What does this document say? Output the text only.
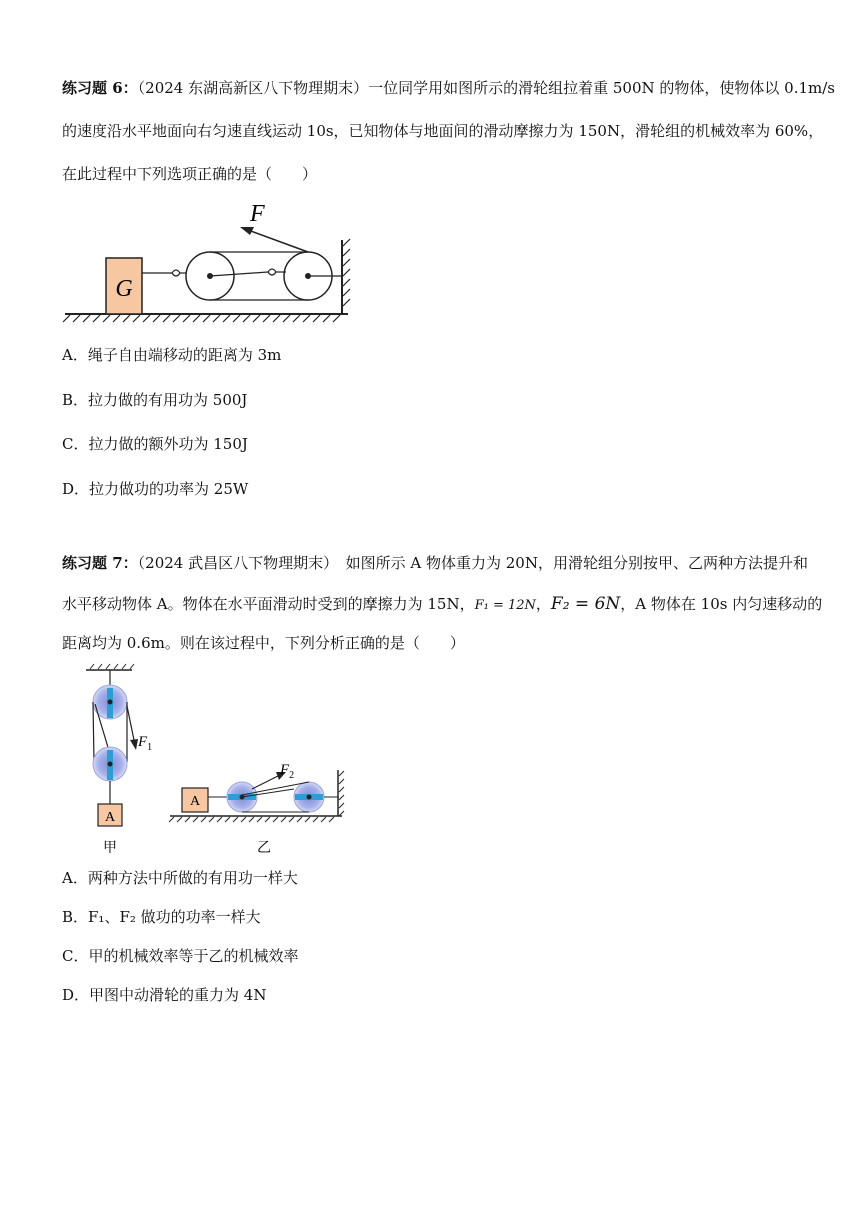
练习题 6：（2024 东湖高新区八下物理期末）一位同学用如图所示的滑轮组拉着重 500N 的物体，使物体以 0.1m/s
的速度沿水平地面向右匀速直线运动 10s，已知物体与地面间的滑动摩擦力为 150N，滑轮组的机械效率为 60%，
在此过程中下列选项正确的是（　　）
G
F
A．绳子自由端移动的距离为 3m
B．拉力做的有用功为 500J
C．拉力做的额外功为 150J
D．拉力做功的功率为 25W
练习题 7：（2024 武昌区八下物理期末）　如图所示 A 物体重力为 20N，用滑轮组分别按甲、乙两种方法提升和
水平移动物体 A。物体在水平面滑动时受到的摩擦力为 15N，F₁ = 12N，F₂ = 6N，A 物体在 10s 内匀速移动的
距离均为 0.6m。则在该过程中，下列分析正确的是（　　）
$F_1$
A
甲
A
$F_2$
乙
A．两种方法中所做的有用功一样大
B．F₁、F₂ 做功的功率一样大
C．甲的机械效率等于乙的机械效率
D．甲图中动滑轮的重力为 4N
